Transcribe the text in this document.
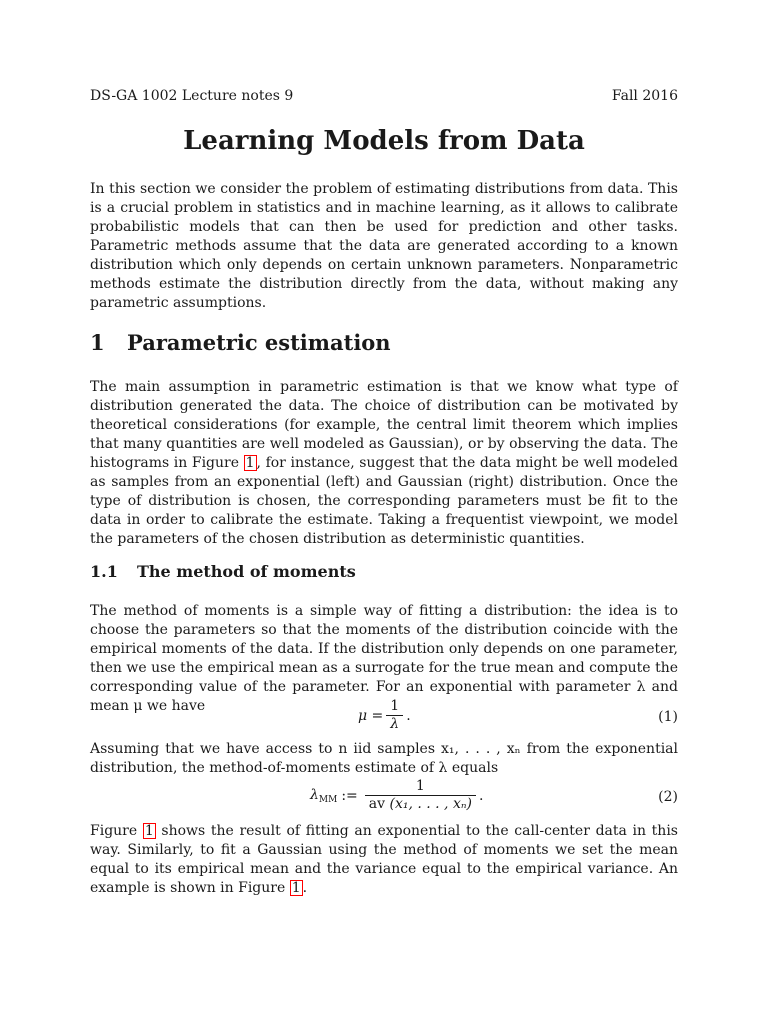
DS-GA 1002 Lecture notes 9	Fall 2016
Learning Models from Data

In this section we consider the problem of estimating distributions from data. This is a crucial problem in statistics and in machine learning, as it allows to calibrate probabilistic models that can then be used for prediction and other tasks. Parametric methods assume that the data are generated according to a known distribution which only depends on certain unknown parameters. Nonparametric methods estimate the distribution directly from the data, without making any parametric assumptions.

1 Parametric estimation

The main assumption in parametric estimation is that we know what type of distribution generated the data. The choice of distribution can be motivated by theoretical considerations (for example, the central limit theorem which implies that many quantities are well modeled as Gaussian), or by observing the data. The histograms in Figure 1 , for instance, suggest that the data might be well modeled as samples from an exponential (left) and Gaussian (right) distribution. Once the type of distribution is chosen, the corresponding parameters must be fit to the data in order to calibrate the estimate. Taking a frequentist viewpoint, we model the parameters of the chosen distribution as deterministic quantities.

1.1 The method of moments

The method of moments is a simple way of fitting a distribution: the idea is to choose the parameters so that the moments of the distribution coincide with the empirical moments of the data. If the distribution only depends on one parameter, then we use the empirical mean as a surrogate for the true mean and compute the corresponding value of the parameter. For an exponential with parameter λ and mean μ we have

$\mu = \frac{1}{\lambda}$ .	(1)

Assuming that we have access to n iid samples x₁, . . . , xₙ from the exponential distribution, the method-of-moments estimate of λ equals

$\lambda_{MM}$ := $\frac{1}{\text{av (x₁, . . . , xₙ)}}$ .	(2)

Figure 1 shows the result of fitting an exponential to the call-center data in this way. Similarly, to fit a Gaussian using the method of moments we set the mean equal to its empirical mean and the variance equal to the empirical variance. An example is shown in Figure 1 .
